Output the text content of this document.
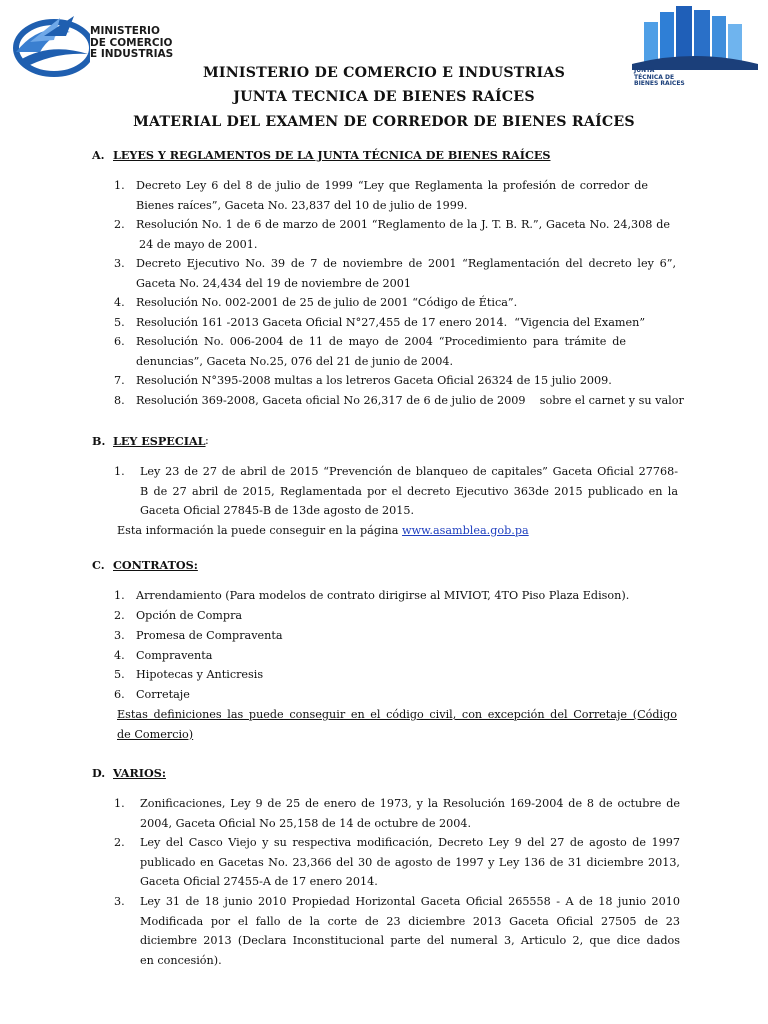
MINISTERIO
DE COMERCIO
E INDUSTRIAS
JUNTA
TÉCNICA DE
BIENES RAICES
MINISTERIO DE COMERCIO E INDUSTRIAS
JUNTA TECNICA DE BIENES RAÍCES
MATERIAL DEL EXAMEN DE CORREDOR DE BIENES RAÍCES
A. LEYES Y REGLAMENTOS DE LA JUNTA TÉCNICA DE BIENES RAÍCES
1. Decreto Ley 6 del 8 de julio de 1999 “Ley que Reglamenta la profesión de corredor de
Bienes raíces”, Gaceta No. 23,837 del 10 de julio de 1999.
2. Resolución No. 1 de 6 de marzo de 2001 “Reglamento de la J. T. B. R.”, Gaceta No. 24,308 de
24 de mayo de 2001.
3. Decreto Ejecutivo No. 39 de 7 de noviembre de 2001 “Reglamentación del decreto ley 6”,
Gaceta No. 24,434 del 19 de noviembre de 2001
4. Resolución No. 002-2001 de 25 de julio de 2001 “Código de Ética”.
5. Resolución 161 -2013 Gaceta Oficial N°27,455 de 17 enero 2014.  “Vigencia del Examen”
6. Resolución No. 006-2004 de 11 de mayo de 2004 “Procedimiento para trámite de
denuncias”, Gaceta No.25, 076 del 21 de junio de 2004.
7. Resolución N°395-2008 multas a los letreros Gaceta Oficial 26324 de 15 julio 2009.
8. Resolución 369-2008, Gaceta oficial No 26,317 de 6 de julio de 2009    sobre el carnet y su valor
B. LEY ESPECIAL :
1. Ley 23 de 27 de abril de 2015 “Prevención de blanqueo de capitales” Gaceta Oficial 27768-
B de 27 abril de 2015, Reglamentada por el decreto Ejecutivo 363de 2015 publicado en la
Gaceta Oficial 27845-B de 13de agosto de 2015.
Esta información la puede conseguir en la página www.asamblea.gob.pa
C. CONTRATOS:
1. Arrendamiento (Para modelos de contrato dirigirse al MIVIOT, 4TO Piso Plaza Edison).
2. Opción de Compra
3. Promesa de Compraventa
4. Compraventa
5. Hipotecas y Anticresis
6. Corretaje
Estas definiciones las puede conseguir en el código civil, con excepción del Corretaje (Código
de Comercio)
D. VARIOS:
1. Zonificaciones, Ley 9 de 25 de enero de 1973, y la Resolución 169-2004 de 8 de octubre de
2004, Gaceta Oficial No 25,158 de 14 de octubre de 2004.
2. Ley del Casco Viejo y su respectiva modificación, Decreto Ley 9 del 27 de agosto de 1997
publicado en Gacetas No. 23,366 del 30 de agosto de 1997 y Ley 136 de 31 diciembre 2013,
Gaceta Oficial 27455-A de 17 enero 2014.
3. Ley 31 de 18 junio 2010 Propiedad Horizontal Gaceta Oficial 265558 - A de 18 junio 2010
Modificada por el fallo de la corte de 23 diciembre 2013 Gaceta Oficial 27505 de 23
diciembre 2013 (Declara Inconstitucional parte del numeral 3, Articulo 2, que dice dados
en concesión).
